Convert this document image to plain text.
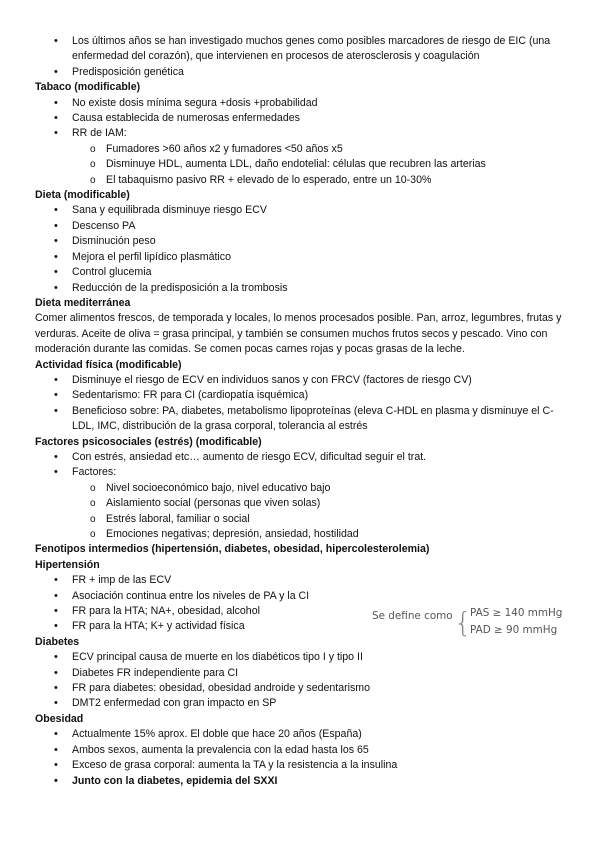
• Los últimos años se han investigado muchos genes como posibles marcadores de riesgo de EIC (una enfermedad del corazón), que intervienen en procesos de aterosclerosis y coagulación
• Predisposición genética
Tabaco (modificable)
• No existe dosis mínima segura +dosis +probabilidad
• Causa establecida de numerosas enfermedades
• RR de IAM:
o Fumadores >60 años x2 y fumadores <50 años x5
o Disminuye HDL, aumenta LDL, daño endotelial: células que recubren las arterias
o El tabaquismo pasivo RR + elevado de lo esperado, entre un 10-30%
Dieta (modificable)
• Sana y equilibrada disminuye riesgo ECV
• Descenso PA
• Disminución peso
• Mejora el perfil lipídico plasmático
• Control glucemia
• Reducción de la predisposición a la trombosis
Dieta mediterránea
Comer alimentos frescos, de temporada y locales, lo menos procesados posible. Pan, arroz, legumbres, frutas y verduras. Aceite de oliva = grasa principal, y también se consumen muchos frutos secos y pescado. Vino con moderación durante las comidas. Se comen pocas carnes rojas y pocas grasas de la leche.
Actividad física (modificable)
• Disminuye el riesgo de ECV en individuos sanos y con FRCV (factores de riesgo CV)
• Sedentarismo: FR para CI (cardiopatía isquémica)
• Beneficioso sobre: PA, diabetes, metabolismo lipoproteínas (eleva C-HDL en plasma y disminuye el C-LDL, IMC, distribución de la grasa corporal, tolerancia al estrés
Factores psicosociales (estrés) (modificable)
• Con estrés, ansiedad etc… aumento de riesgo ECV, dificultad seguir el trat.
• Factores:
o Nivel socioeconómico bajo, nivel educativo bajo
o Aislamiento social (personas que viven solas)
o Estrés laboral, familiar o social
o Emociones negativas; depresión, ansiedad, hostilidad
Fenotipos intermedios (hipertensión, diabetes, obesidad, hipercolesterolemia)
Hipertensión
• FR + imp de las ECV
• Asociación continua entre los niveles de PA y la CI
• FR para la HTA; NA+, obesidad, alcohol
• FR para la HTA; K+ y actividad física
Diabetes
• ECV principal causa de muerte en los diabéticos tipo I y tipo II
• Diabetes FR independiente para CI
• FR para diabetes: obesidad, obesidad androide y sedentarismo
• DMT2 enfermedad con gran impacto en SP
Obesidad
• Actualmente 15% aprox. El doble que hace 20 años (España)
• Ambos sexos, aumenta la prevalencia con la edad hasta los 65
• Exceso de grasa corporal: aumenta la TA y la resistencia a la insulina
• Junto con la diabetes, epidemia del SXXI
Se define como {
PAS ≥ 140 mmHg
PAD ≥ 90 mmHg
